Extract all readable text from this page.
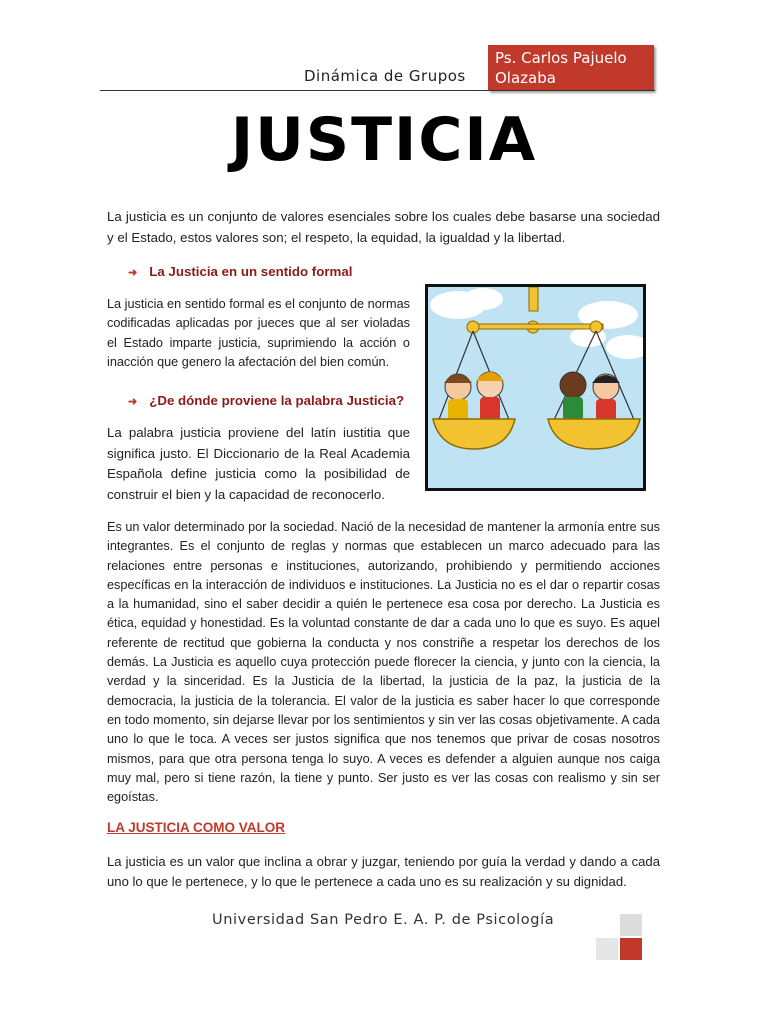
Dinámica de Grupos
Ps. Carlos Pajuelo
Olazaba
JUSTICIA
La justicia es un conjunto de valores esenciales sobre los cuales debe basarse una sociedad y el Estado, estos valores son; el respeto, la equidad, la igualdad y la libertad.
➜ La Justicia en un sentido formal
La justicia en sentido formal es el conjunto de normas codificadas aplicadas por jueces que al ser violadas el Estado imparte justicia, suprimiendo la acción o inacción que genero la afectación del bien común.
➜ ¿De dónde proviene la palabra Justicia?
La palabra justicia proviene del latín iustitia que significa justo. El Diccionario de la Real Academia Española define justicia como la posibilidad de construir el bien y la capacidad de reconocerlo.
Es un valor determinado por la sociedad. Nació de la necesidad de mantener la armonía entre sus integrantes. Es el conjunto de reglas y normas que establecen un marco adecuado para las relaciones entre personas e instituciones, autorizando, prohibiendo y permitiendo acciones específicas en la interacción de individuos e instituciones. La Justicia no es el dar o repartir cosas a la humanidad, sino el saber decidir a quién le pertenece esa cosa por derecho. La Justicia es ética, equidad y honestidad. Es la voluntad constante de dar a cada uno lo que es suyo. Es aquel referente de rectitud que gobierna la conducta y nos constriñe a respetar los derechos de los demás. La Justicia es aquello cuya protección puede florecer la ciencia, y junto con la ciencia, la verdad y la sinceridad. Es la Justicia de la libertad, la justicia de la paz, la justicia de la democracia, la justicia de la tolerancia. El valor de la justicia es saber hacer lo que corresponde en todo momento, sin dejarse llevar por los sentimientos y sin ver las cosas objetivamente. A cada uno lo que le toca. A veces ser justos significa que nos tenemos que privar de cosas nosotros mismos, para que otra persona tenga lo suyo. A veces es defender a alguien aunque nos caiga muy mal, pero si tiene razón, la tiene y punto. Ser justo es ver las cosas con realismo y sin ser egoístas.
LA JUSTICIA COMO VALOR
La justicia es un valor que inclina a obrar y juzgar, teniendo por guía la verdad y dando a cada uno lo que le pertenece, y lo que le pertenece a cada uno es su realización y su dignidad.
Universidad San Pedro E. A. P. de Psicología
